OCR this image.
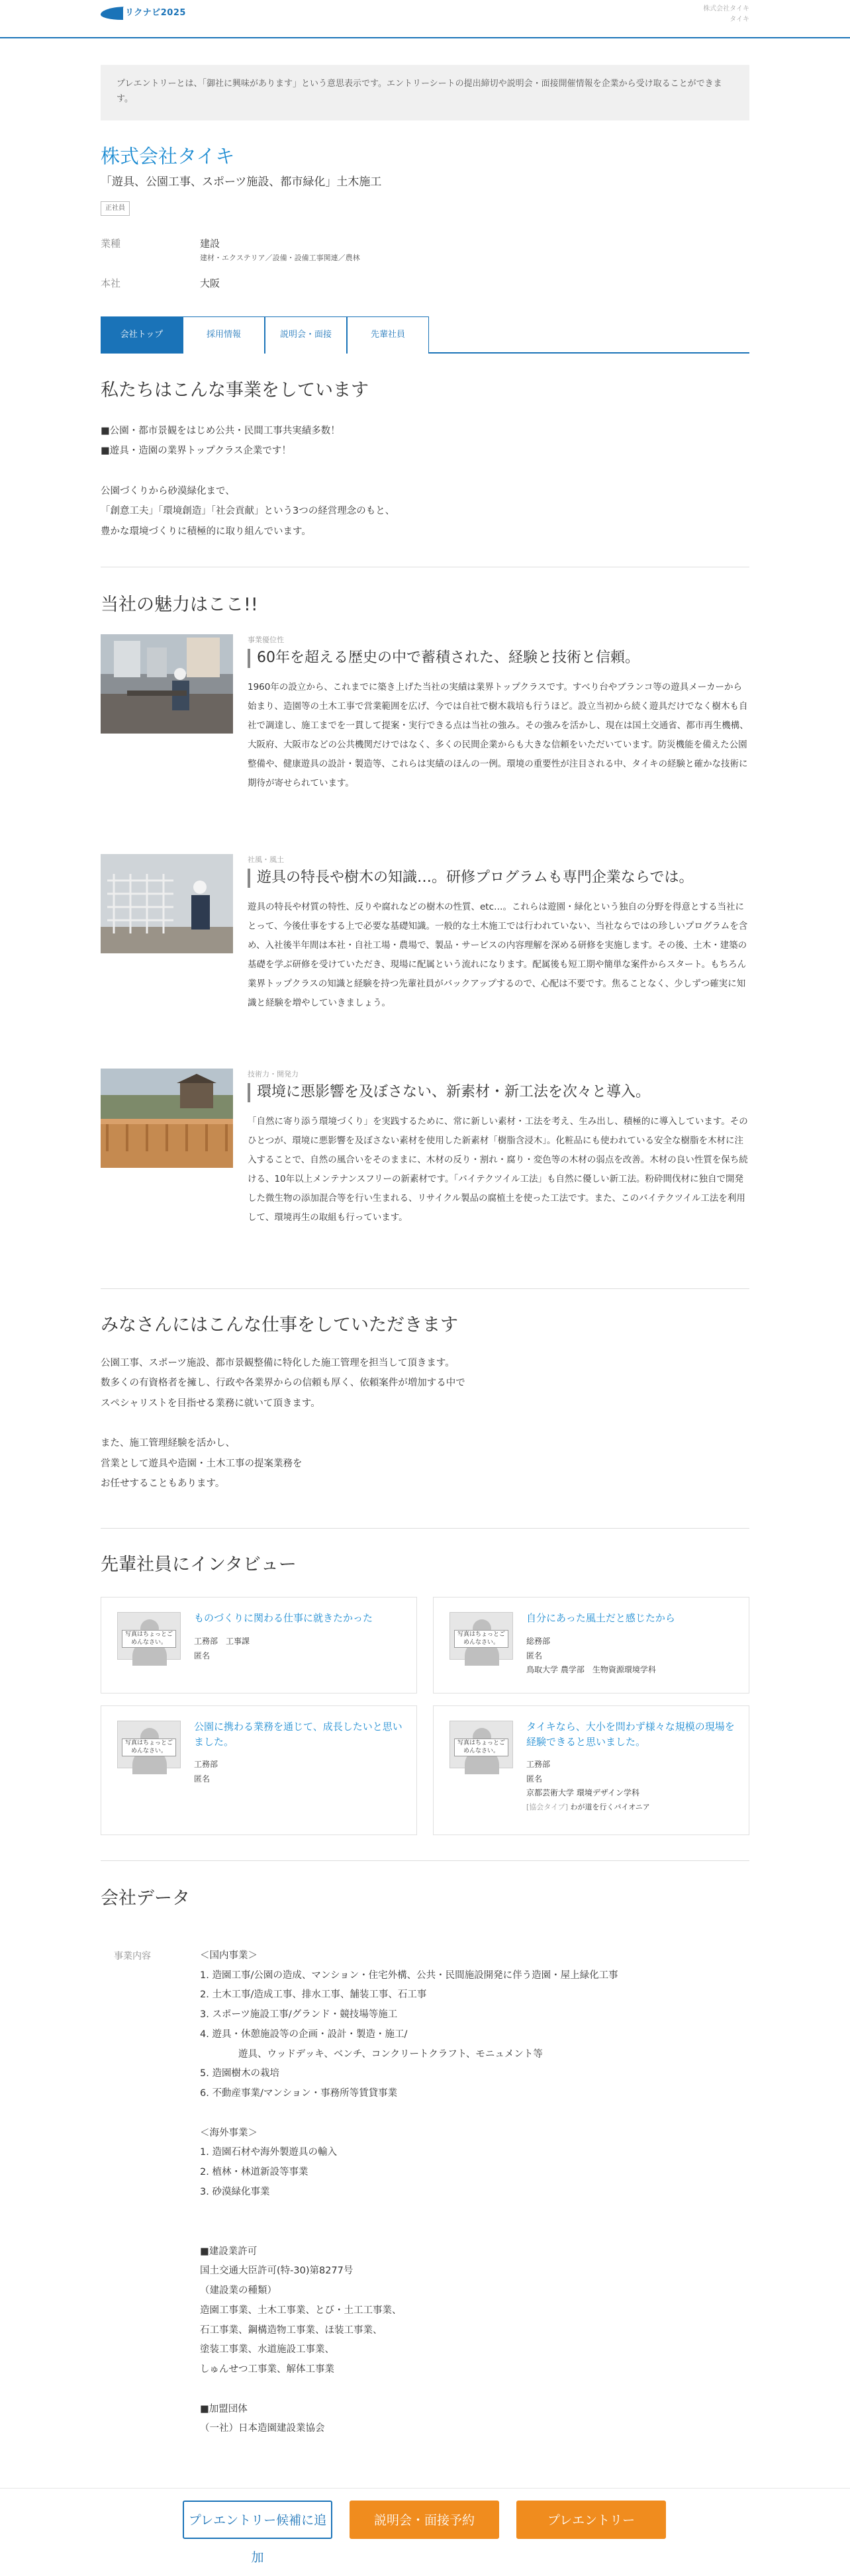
リクナビ2025	株式会社タイキ
タイキ
プレエントリーとは、「御社に興味があります」という意思表示です。エントリーシートの提出締切や説明会・面接開催情報を企業から受け取ることができます。
株式会社タイキ
「遊具、公園工事、スポーツ施設、都市緑化」土木施工
正社員
業種	建設
建材・エクステリア／設備・設備工事関連／農林
本社	大阪
会社トップ	採用情報	説明会・面接	先輩社員
私たちはこんな事業をしています
■公園・都市景観をはじめ公共・民間工事共実績多数！
■遊具・造園の業界トップクラス企業です！
公園づくりから砂漠緑化まで、
「創意工夫」「環境創造」「社会貢献」という3つの経営理念のもと、
豊かな環境づくりに積極的に取り組んでいます。
当社の魅力はここ!!
事業優位性
60年を超える歴史の中で蓄積された、経験と技術と信頼。
1960年の設立から、これまでに築き上げた当社の実績は業界トップクラスです。すべり台やブランコ等の遊具メーカーから始まり、造園等の土木工事で営業範囲を広げ、今では自社で樹木栽培も行うほど。設立当初から続く遊具だけでなく樹木も自社で調達し、施工までを一貫して提案・実行できる点は当社の強み。その強みを活かし、現在は国土交通省、都市再生機構、大阪府、大阪市などの公共機関だけではなく、多くの民間企業からも大きな信頼をいただいています。防災機能を備えた公園整備や、健康遊具の設計・製造等、これらは実績のほんの一例。環境の重要性が注目される中、タイキの経験と確かな技術に期待が寄せられています。
社風・風土
遊具の特長や樹木の知識…。研修プログラムも専門企業ならでは。
遊具の特長や材質の特性、反りや腐れなどの樹木の性質、etc…。これらは遊園・緑化という独自の分野を得意とする当社にとって、今後仕事をする上で必要な基礎知識。一般的な土木施工では行われていない、当社ならではの珍しいプログラムを含め、入社後半年間は本社・自社工場・農場で、製品・サービスの内容理解を深める研修を実施します。その後、土木・建築の基礎を学ぶ研修を受けていただき、現場に配属という流れになります。配属後も短工期や簡単な案件からスタート。もちろん業界トップクラスの知識と経験を持つ先輩社員がバックアップするので、心配は不要です。焦ることなく、少しずつ確実に知識と経験を増やしていきましょう。
技術力・開発力
環境に悪影響を及ぼさない、新素材・新工法を次々と導入。
「自然に寄り添う環境づくり」を実践するために、常に新しい素材・工法を考え、生み出し、積極的に導入しています。そのひとつが、環境に悪影響を及ぼさない素材を使用した新素材「樹脂含浸木」。化粧品にも使われている安全な樹脂を木材に注入することで、自然の風合いをそのままに、木材の反り・割れ・腐り・変色等の木材の弱点を改善。木材の良い性質を保ち続ける、10年以上メンテナンスフリーの新素材です。「バイテクツイル工法」も自然に優しい新工法。粉砕間伐材に独自で開発した微生物の添加混合等を行い生まれる、リサイクル製品の腐植土を使った工法です。また、このバイテクツイル工法を利用して、環境再生の取組も行っています。
みなさんにはこんな仕事をしていただきます
公園工事、スポーツ施設、都市景観整備に特化した施工管理を担当して頂きます。
数多くの有資格者を擁し、行政や各業界からの信頼も厚く、依頼案件が増加する中で
スペシャリストを目指せる業務に就いて頂きます。
また、施工管理経験を活かし、
営業として遊具や造園・土木工事の提案業務を
お任せすることもあります。
先輩社員にインタビュー
写真はちょっとごめんなさい。
ものづくりに関わる仕事に就きたかった
工務部　工事課
匿名
写真はちょっとごめんなさい。
自分にあった風土だと感じたから
総務部
匿名
鳥取大学 農学部　生物資源環境学科
写真はちょっとごめんなさい。
公園に携わる業務を通じて、成長したいと思いました。
工務部
匿名
写真はちょっとごめんなさい。
タイキなら、大小を問わず様々な規模の現場を経験できると思いました。
工務部
匿名
京都芸術大学 環境デザイン学科
[協会タイプ] わが道を行くパイオニア
会社データ
事業内容	＜国内事業＞
1. 造園工事/公園の造成、マンション・住宅外構、公共・民間施設開発に伴う造園・屋上緑化工事
2. 土木工事/造成工事、排水工事、舗装工事、石工事
3. スポーツ施設工事/グランド・競技場等施工
4. 遊具・休憩施設等の企画・設計・製造・施工/
　　　　遊具、ウッドデッキ、ベンチ、コンクリートクラフト、モニュメント等
5. 造園樹木の栽培
6. 不動産事業/マンション・事務所等賃貸事業
＜海外事業＞
1. 造園石材や海外製遊具の輸入
2. 植林・林道新設等事業
3. 砂漠緑化事業
■建設業許可
国土交通大臣許可(特-30)第8277号
（建設業の種類）
造園工事業、土木工事業、とび・土工工事業、
石工事業、鋼構造物工事業、ほ装工事業、
塗装工事業、水道施設工事業、
しゅんせつ工事業、解体工事業
■加盟団体
（一社）日本造園建設業協会
プレエントリー候補に追加
説明会・面接予約	プレエントリー
